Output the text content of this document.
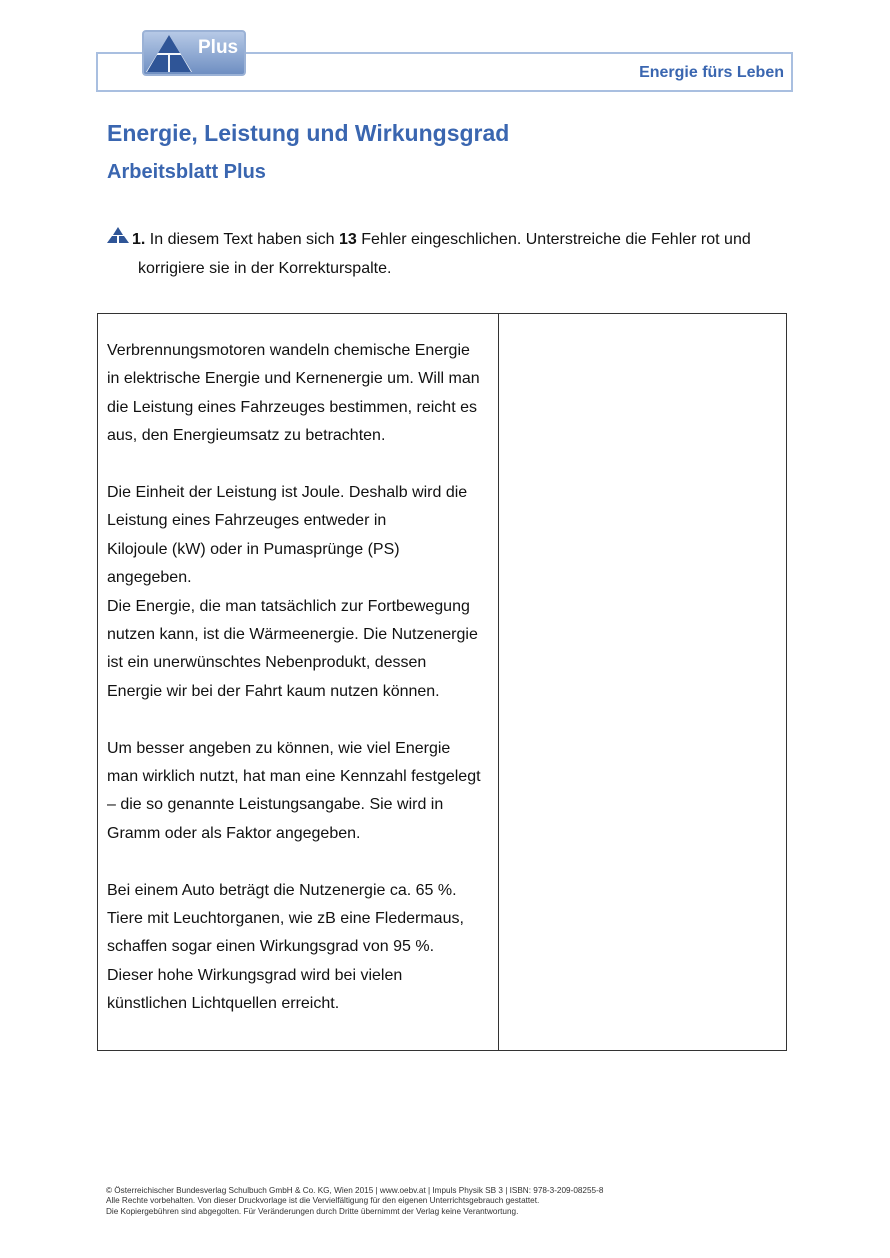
Plus
Energie fürs Leben
Energie, Leistung und Wirkungsgrad
Arbeitsblatt Plus
1. In diesem Text haben sich 13 Fehler eingeschlichen. Unterstreiche die Fehler rot und
korrigiere sie in der Korrekturspalte.

Verbrennungsmotoren wandeln chemische Energie
in elektrische Energie und Kernenergie um. Will man
die Leistung eines Fahrzeuges bestimmen, reicht es
aus, den Energieumsatz zu betrachten.

Die Einheit der Leistung ist Joule. Deshalb wird die
Leistung eines Fahrzeuges entweder in
Kilojoule (kW) oder in Pumasprünge (PS)
angegeben.

Die Energie, die man tatsächlich zur Fortbewegung
nutzen kann, ist die Wärmeenergie. Die Nutzenergie
ist ein unerwünschtes Nebenprodukt, dessen
Energie wir bei der Fahrt kaum nutzen können.

Um besser angeben zu können, wie viel Energie
man wirklich nutzt, hat man eine Kennzahl festgelegt
– die so genannte Leistungsangabe. Sie wird in
Gramm oder als Faktor angegeben.

Bei einem Auto beträgt die Nutzenergie ca. 65 %.
Tiere mit Leuchtorganen, wie zB eine Fledermaus,
schaffen sogar einen Wirkungsgrad von 95 %.
Dieser hohe Wirkungsgrad wird bei vielen
künstlichen Lichtquellen erreicht.

© Österreichischer Bundesverlag Schulbuch GmbH & Co. KG, Wien 2015 | www.oebv.at | Impuls Physik SB 3 | ISBN: 978-3-209-08255-8
Alle Rechte vorbehalten. Von dieser Druckvorlage ist die Vervielfältigung für den eigenen Unterrichtsgebrauch gestattet.
Die Kopiergebühren sind abgegolten. Für Veränderungen durch Dritte übernimmt der Verlag keine Verantwortung.
